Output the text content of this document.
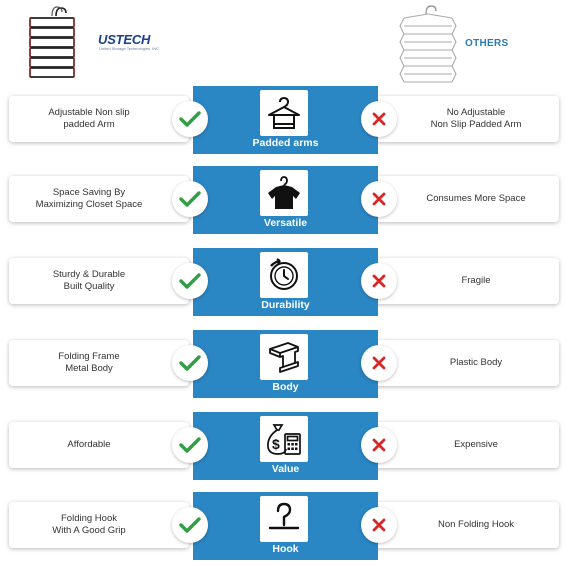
USTECH
United Storage Technologies, INC	OTHERS
Adjustable Non slip
padded Arm
No Adjustable
Non Slip Padded Arm
Padded arms
Space Saving By
Maximizing Closet Space
Consumes More Space
Versatile
Sturdy & Durable
Built Quality
Fragile
Durability
Folding Frame
Metal Body
Plastic Body
Body
Affordable	Expensive
$
Value
Folding Hook
With A Good Grip
Non Folding Hook
Hook
